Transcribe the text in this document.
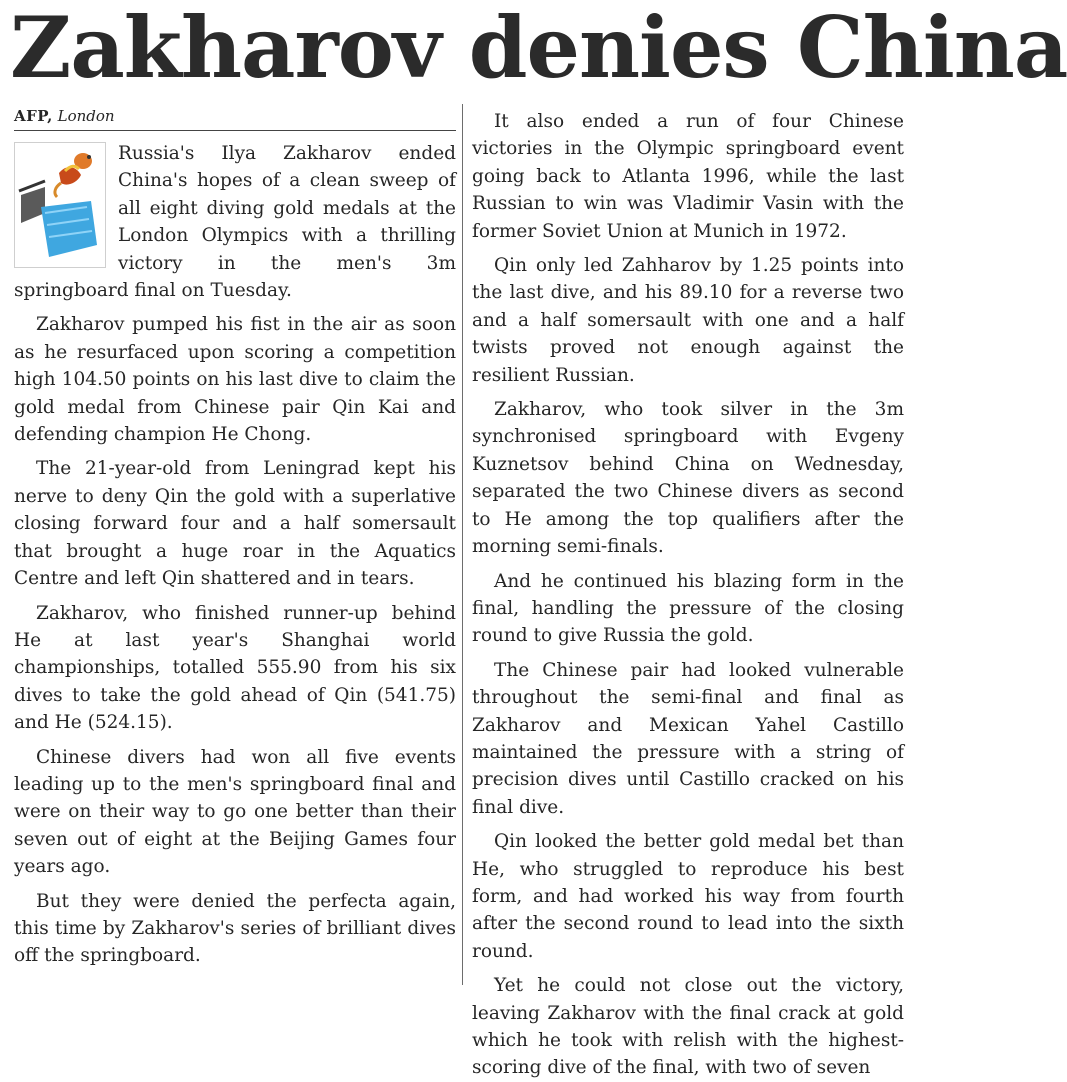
Zakharov denies China
AFP, London

Russia's Ilya Zakharov ended China's hopes of a clean sweep of all eight diving gold medals at the London Olympics with a thrilling victory in the men's 3m springboard final on Tuesday.

Zakharov pumped his fist in the air as soon as he resurfaced upon scoring a competition high 104.50 points on his last dive to claim the gold medal from Chinese pair Qin Kai and defending champion He Chong.

The 21-year-old from Leningrad kept his nerve to deny Qin the gold with a superlative closing forward four and a half somersault that brought a huge roar in the Aquatics Centre and left Qin shattered and in tears.

Zakharov, who finished runner-up behind He at last year's Shanghai world championships, totalled 555.90 from his six dives to take the gold ahead of Qin (541.75) and He (524.15).

Chinese divers had won all five events leading up to the men's springboard final and were on their way to go one better than their seven out of eight at the Beijing Games four years ago.

But they were denied the perfecta again, this time by Zakharov's series of brilliant dives off the springboard.

It also ended a run of four Chinese victories in the Olympic springboard event going back to Atlanta 1996, while the last Russian to win was Vladimir Vasin with the former Soviet Union at Munich in 1972.

Qin only led Zahharov by 1.25 points into the last dive, and his 89.10 for a reverse two and a half somersault with one and a half twists proved not enough against the resilient Russian.

Zakharov, who took silver in the 3m synchronised springboard with Evgeny Kuznetsov behind China on Wednesday, separated the two Chinese divers as second to He among the top qualifiers after the morning semi-finals.

And he continued his blazing form in the final, handling the pressure of the closing round to give Russia the gold.

The Chinese pair had looked vulnerable throughout the semi-final and final as Zakharov and Mexican Yahel Castillo maintained the pressure with a string of precision dives until Castillo cracked on his final dive.

Qin looked the better gold medal bet than He, who struggled to reproduce his best form, and had worked his way from fourth after the second round to lead into the sixth round.

Yet he could not close out the victory, leaving Zakharov with the final crack at gold which he took with relish with the highest-scoring dive of the final, with two of seven
